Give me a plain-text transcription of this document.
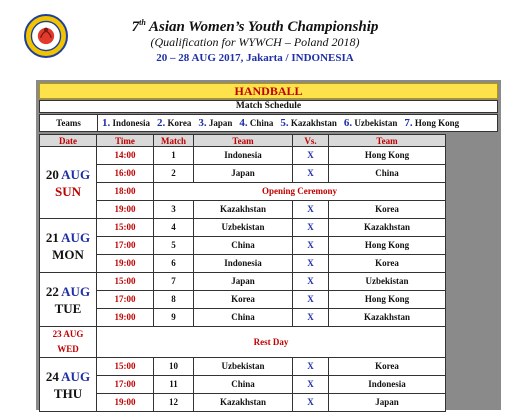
7th Asian Women’s Youth Championship
(Qualification for WYWCH – Poland 2018)
20 – 28 AUG 2017, Jakarta / INDONESIA
HANDBALL
Match Schedule
Teams	1. Indonesia 2. Korea 3. Japan 4. China 5. Kazakhstan 6. Uzbekistan 7. Hong Kong
Date	Time	Match	Team	Vs.	Team

20 AUG
SUN	14:00	1	Indonesia	X	Hong Kong
	16:00	2	Japan	X	China
	18:00	Opening Ceremony			
	19:00	3	Kazakhstan	X	Korea

21 AUG
MON	15:00	4	Uzbekistan	X	Kazakhstan
	17:00	5	China	X	Hong Kong
	19:00	6	Indonesia	X	Korea

22 AUG
TUE	15:00	7	Japan	X	Uzbekistan
	17:00	8	Korea	X	Hong Kong
	19:00	9	China	X	Kazakhstan

23 AUG
WED	Rest Day				

24 AUG
THU	15:00	10	Uzbekistan	X	Korea
	17:00	11	China	X	Indonesia
	19:00	12	Kazakhstan	X	Japan
